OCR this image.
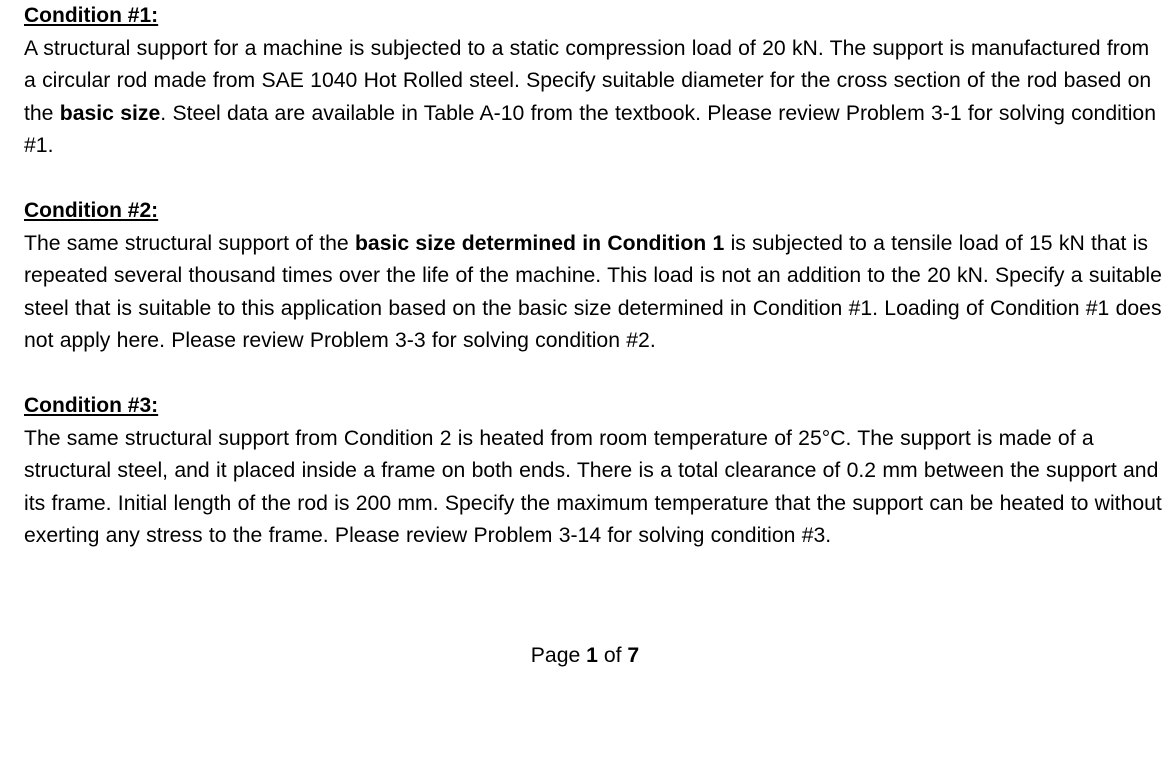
Condition #1:

A structural support for a machine is subjected to a static compression load of 20 kN. The support is manufactured from a circular rod made from SAE 1040 Hot Rolled steel. Specify suitable diameter for the cross section of the rod based on the basic size. Steel data are available in Table A-10 from the textbook. Please review Problem 3-1 for solving condition #1.

Condition #2:

The same structural support of the basic size determined in Condition 1 is subjected to a tensile load of 15 kN that is repeated several thousand times over the life of the machine. This load is not an addition to the 20 kN. Specify a suitable steel that is suitable to this application based on the basic size determined in Condition #1. Loading of Condition #1 does not apply here. Please review Problem 3-3 for solving condition #2.

Condition #3:

The same structural support from Condition 2 is heated from room temperature of 25°C. The support is made of a structural steel, and it placed inside a frame on both ends. There is a total clearance of 0.2 mm between the support and its frame. Initial length of the rod is 200 mm. Specify the maximum temperature that the support can be heated to without exerting any stress to the frame. Please review Problem 3-14 for solving condition #3.

Page 1 of 7
